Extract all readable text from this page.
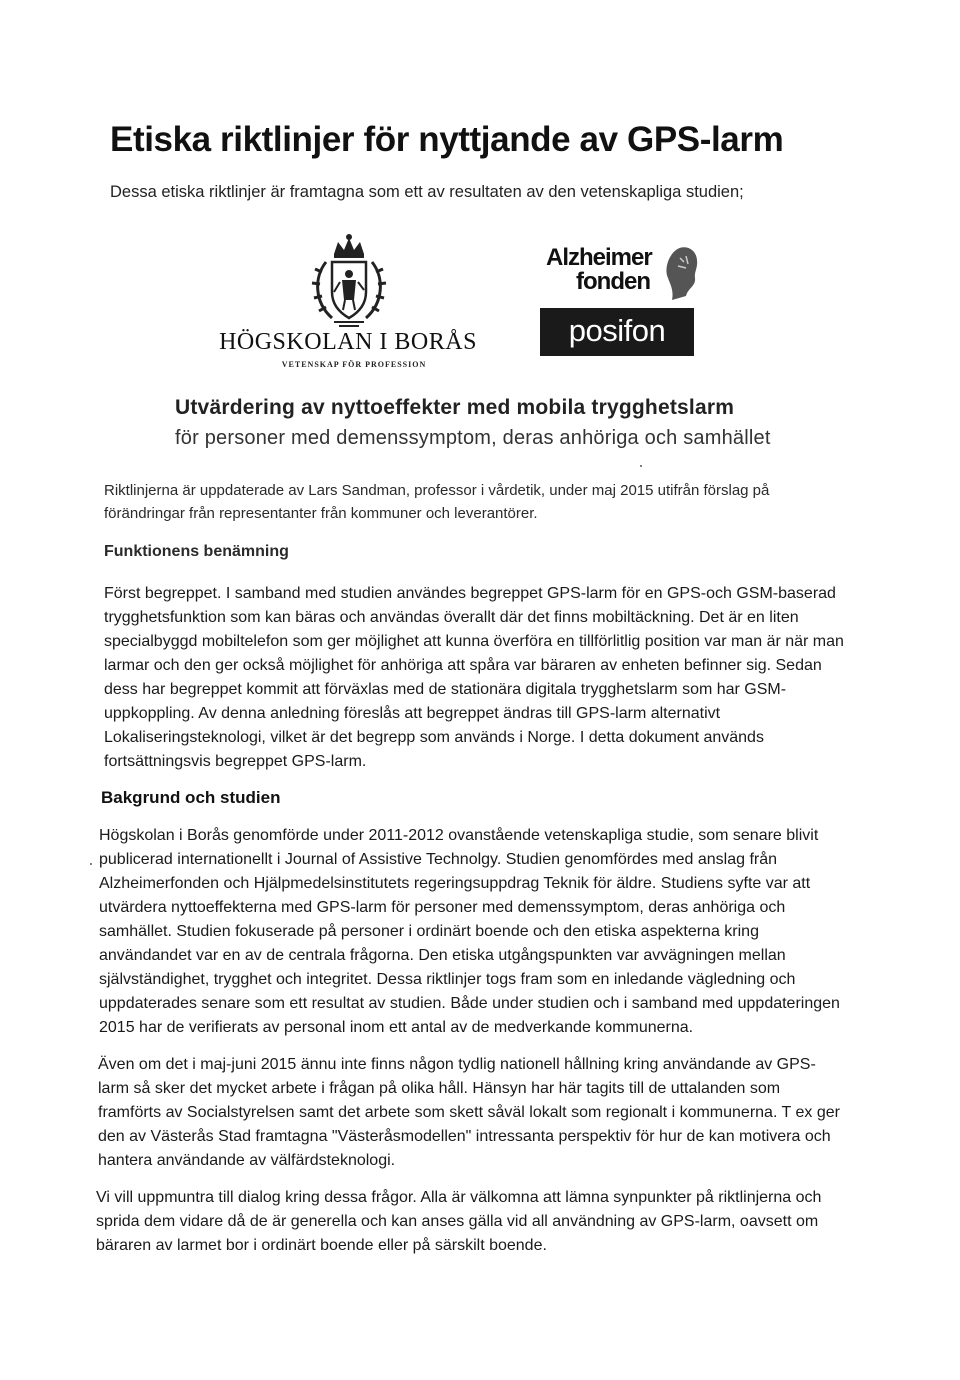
Etiska riktlinjer för nyttjande av GPS-larm
Dessa etiska riktlinjer är framtagna som ett av resultaten av den vetenskapliga studien;
HÖGSKOLAN I BORÅS
VETENSKAP FÖR PROFESSION
Alzheimer
fonden
posifon
Utvärdering av nyttoeffekter med mobila trygghetslarm
för personer med demenssymptom, deras anhöriga och samhället

Riktlinjerna är uppdaterade av Lars Sandman, professor i vårdetik, under maj 2015 utifrån förslag på förändringar från representanter från kommuner och leverantörer.

Funktionens benämning

Först begreppet. I samband med studien användes begreppet GPS-larm för en GPS-och GSM-baserad trygghetsfunktion som kan bäras och användas överallt där det finns mobiltäckning. Det är en liten specialbyggd mobiltelefon som ger möjlighet att kunna överföra en tillförlitlig position var man är när man larmar och den ger också möjlighet för anhöriga att spåra var bäraren av enheten befinner sig. Sedan dess har begreppet kommit att förväxlas med de stationära digitala trygghetslarm som har GSM-uppkoppling. Av denna anledning föreslås att begreppet ändras till GPS-larm alternativt Lokaliseringsteknologi, vilket är det begrepp som används i Norge. I detta dokument används fortsättningsvis begreppet GPS-larm.

Bakgrund och studien

Högskolan i Borås genomförde under 2011-2012 ovanstående vetenskapliga studie, som senare blivit publicerad internationellt i Journal of Assistive Technolgy. Studien genomfördes med anslag från Alzheimerfonden och Hjälpmedelsinstitutets regeringsuppdrag Teknik för äldre. Studiens syfte var att utvärdera nyttoeffekterna med GPS-larm för personer med demenssymptom, deras anhöriga och samhället. Studien fokuserade på personer i ordinärt boende och den etiska aspekterna kring användandet var en av de centrala frågorna. Den etiska utgångspunkten var avvägningen mellan självständighet, trygghet och integritet. Dessa riktlinjer togs fram som en inledande vägledning och uppdaterades senare som ett resultat av studien. Både under studien och i samband med uppdateringen 2015 har de verifierats av personal inom ett antal av de medverkande kommunerna.

Även om det i maj-juni 2015 ännu inte finns någon tydlig nationell hållning kring användande av GPS-larm så sker det mycket arbete i frågan på olika håll. Hänsyn har här tagits till de uttalanden som framförts av Socialstyrelsen samt det arbete som skett såväl lokalt som regionalt i kommunerna. T ex ger den av Västerås Stad framtagna "Västeråsmodellen" intressanta perspektiv för hur de kan motivera och hantera användande av välfärdsteknologi.

Vi vill uppmuntra till dialog kring dessa frågor. Alla är välkomna att lämna synpunkter på riktlinjerna och sprida dem vidare då de är generella och kan anses gälla vid all användning av GPS-larm, oavsett om bäraren av larmet bor i ordinärt boende eller på särskilt boende.
